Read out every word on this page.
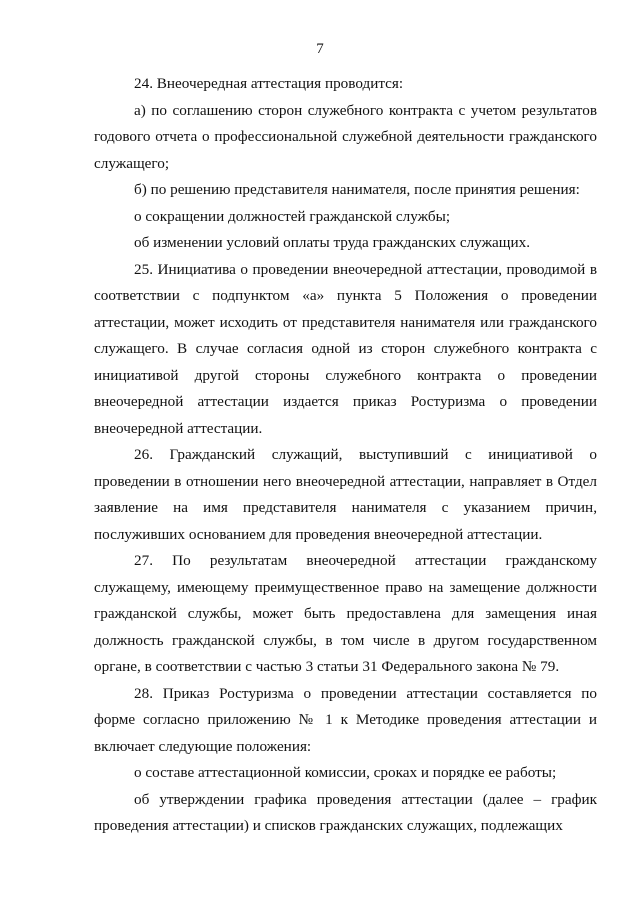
7

24. Внеочередная аттестация проводится:

а) по соглашению сторон служебного контракта с учетом результатов годового отчета о профессиональной служебной деятельности гражданского служащего;

б) по решению представителя нанимателя, после принятия решения:

о сокращении должностей гражданской службы;

об изменении условий оплаты труда гражданских служащих.

25. Инициатива о проведении внеочередной аттестации, проводимой в соответствии с подпунктом «а» пункта 5 Положения о проведении аттестации, может исходить от представителя нанимателя или гражданского служащего. В случае согласия одной из сторон служебного контракта с инициативой другой стороны служебного контракта о проведении внеочередной аттестации издается приказ Ростуризма о проведении внеочередной аттестации.

26. Гражданский служащий, выступивший с инициативой о проведении в отношении него внеочередной аттестации, направляет в Отдел заявление на имя представителя нанимателя с указанием причин, послуживших основанием для проведения внеочередной аттестации.

27. По результатам внеочередной аттестации гражданскому служащему, имеющему преимущественное право на замещение должности гражданской службы, может быть предоставлена для замещения иная должность гражданской службы, в том числе в другом государственном органе, в соответствии с частью 3 статьи 31 Федерального закона № 79.

28. Приказ Ростуризма о проведении аттестации составляется по форме согласно приложению № 1 к Методике проведения аттестации и включает следующие положения:

о составе аттестационной комиссии, сроках и порядке ее работы;

об утверждении графика проведения аттестации (далее – график проведения аттестации) и списков гражданских служащих, подлежащих
